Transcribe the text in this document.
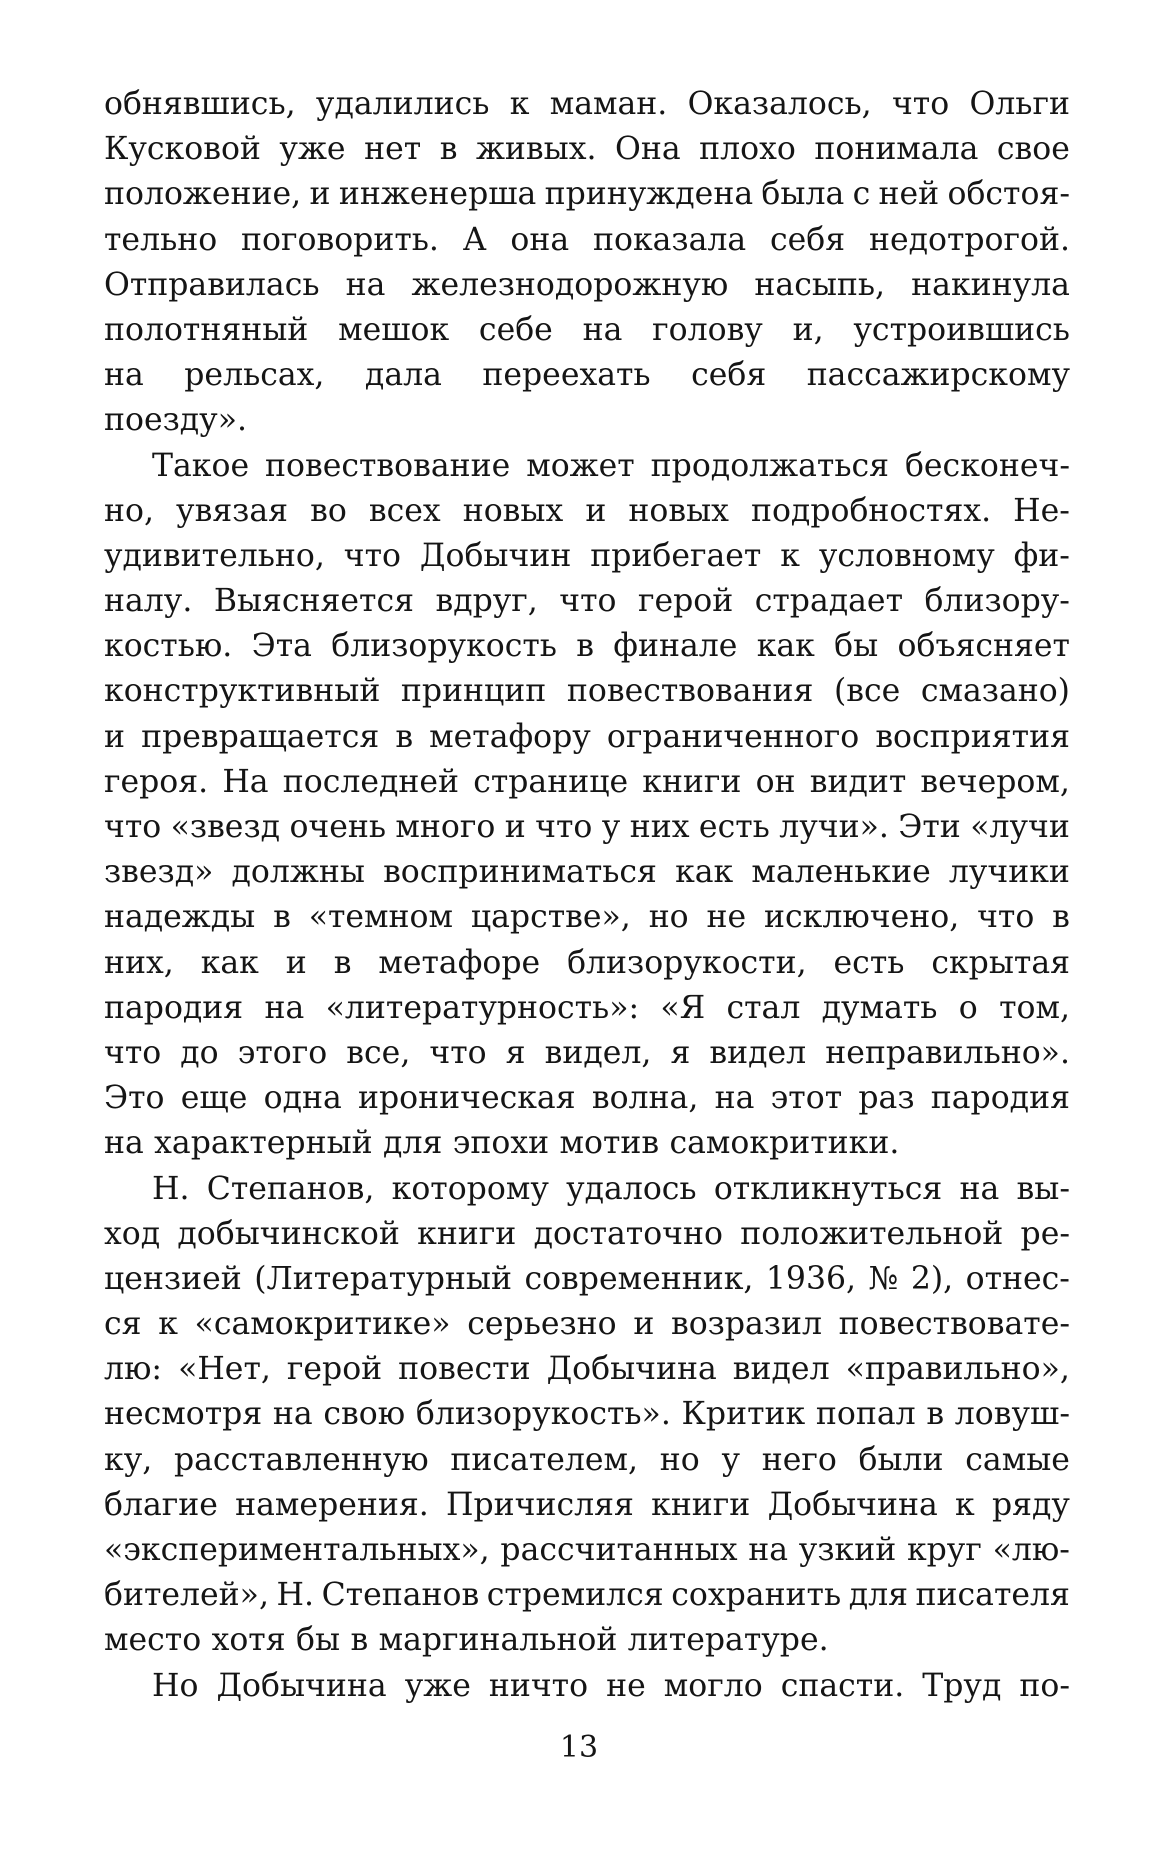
обнявшись, удалились к маман. Оказалось, что Ольги
Кусковой уже нет в живых. Она плохо понимала свое
положение, и инженерша принуждена была с ней обстоя-
тельно поговорить. А она показала себя недотрогой.
Отправилась на железнодорожную насыпь, накинула
полотняный мешок себе на голову и, устроившись
на рельсах, дала переехать себя пассажирскому
поезду».
Такое повествование может продолжаться бесконеч-
но, увязая во всех новых и новых подробностях. Не-
удивительно, что Добычин прибегает к условному фи-
налу. Выясняется вдруг, что герой страдает близору-
костью. Эта близорукость в финале как бы объясняет
конструктивный принцип повествования (все смазано)
и превращается в метафору ограниченного восприятия
героя. На последней странице книги он видит вечером,
что «звезд очень много и что у них есть лучи». Эти «лучи
звезд» должны восприниматься как маленькие лучики
надежды в «темном царстве», но не исключено, что в
них, как и в метафоре близорукости, есть скрытая
пародия на «литературность»: «Я стал думать о том,
что до этого все, что я видел, я видел неправильно».
Это еще одна ироническая волна, на этот раз пародия
на характерный для эпохи мотив самокритики.
Н. Степанов, которому удалось откликнуться на вы-
ход добычинской книги достаточно положительной ре-
цензией (Литературный современник, 1936, № 2), отнес-
ся к «самокритике» серьезно и возразил повествовате-
лю: «Нет, герой повести Добычина видел «правильно»,
несмотря на свою близорукость». Критик попал в ловуш-
ку, расставленную писателем, но у него были самые
благие намерения. Причисляя книги Добычина к ряду
«экспериментальных», рассчитанных на узкий круг «лю-
бителей», Н. Степанов стремился сохранить для писателя
место хотя бы в маргинальной литературе.
Но Добычина уже ничто не могло спасти. Труд по-
13
